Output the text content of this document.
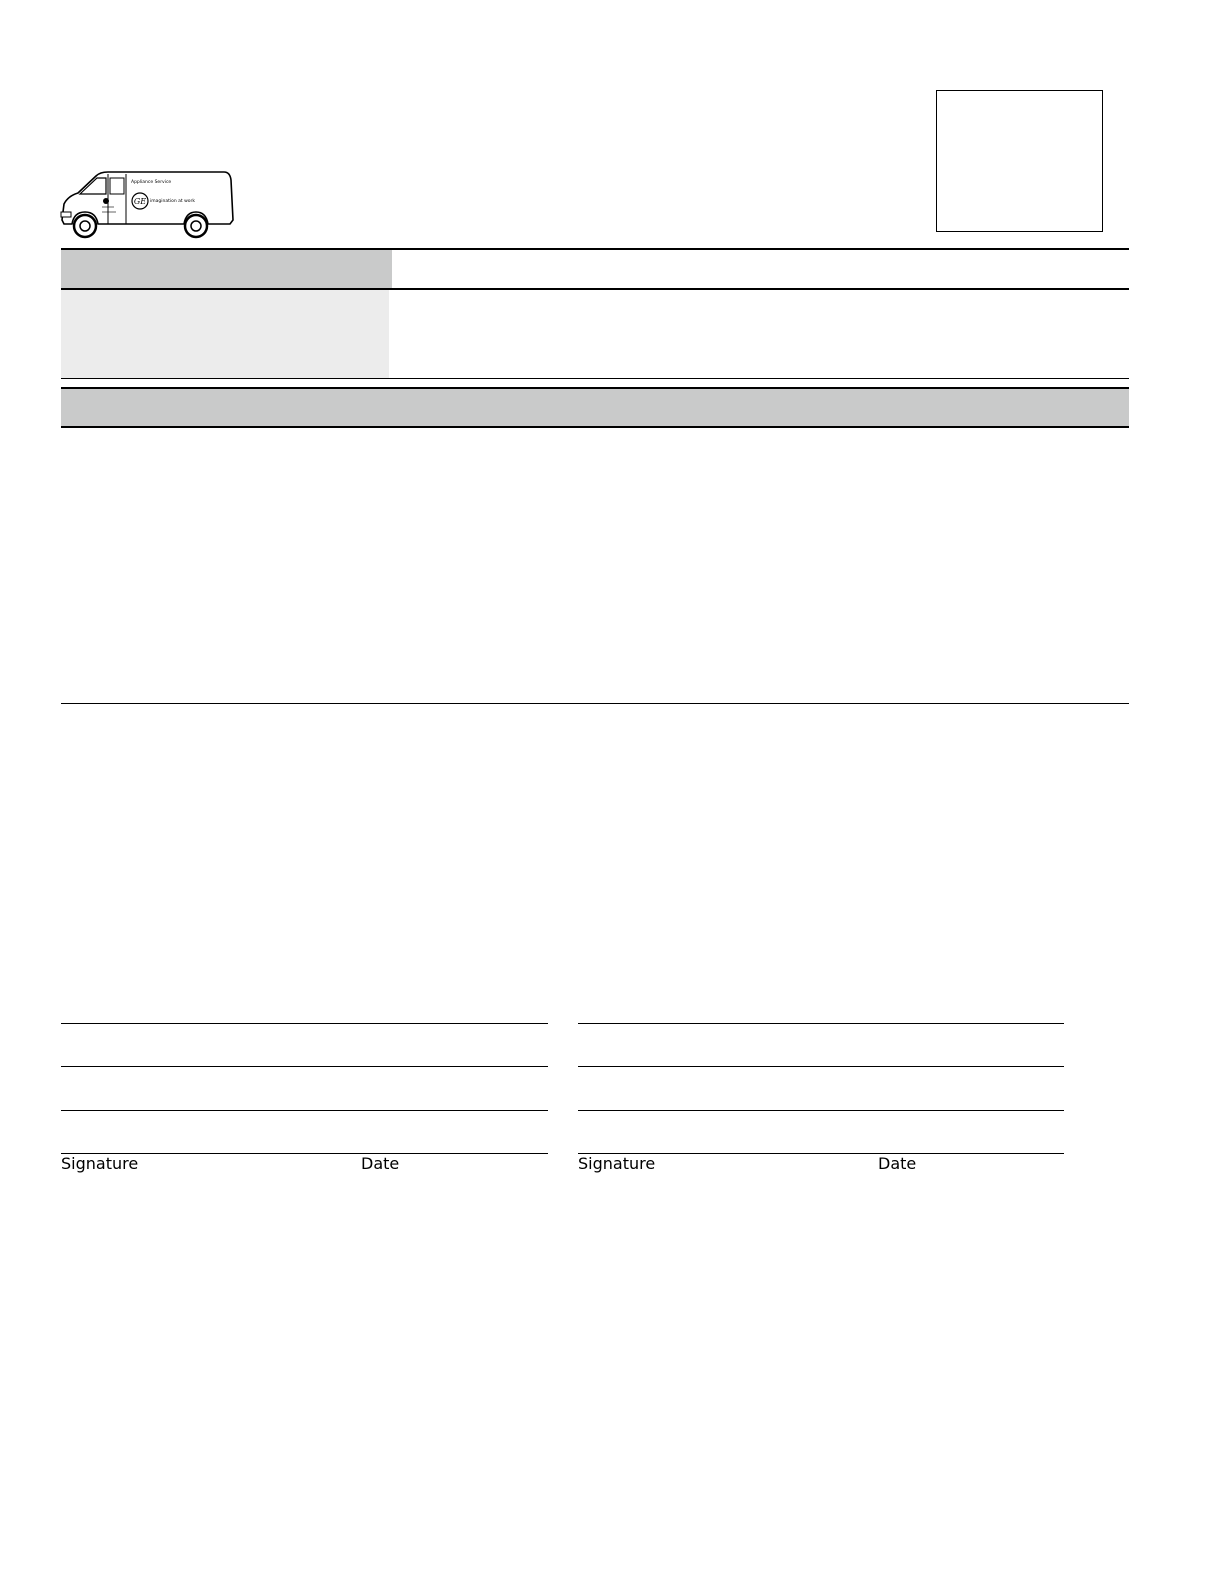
GE
Appliance Service
imagination at work
Signature	Date	Signature	Date
